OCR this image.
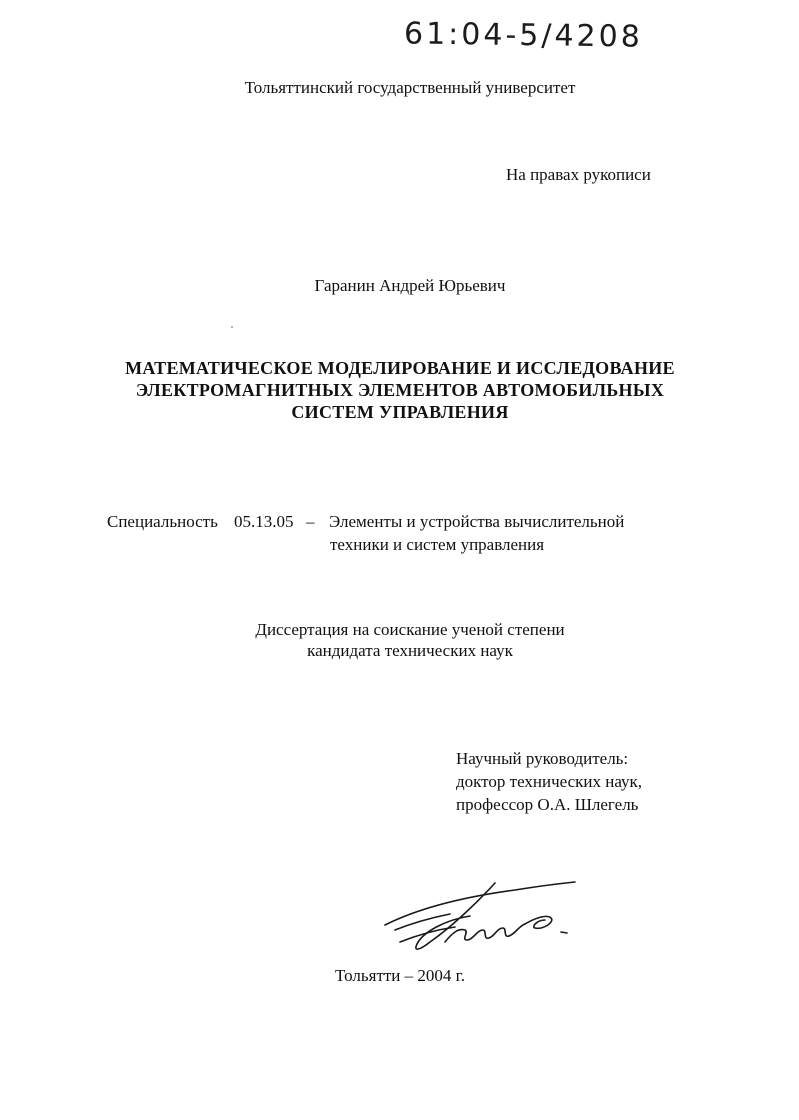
61:04-5/4208
Тольяттинский государственный университет
На правах рукописи
Гаранин Андрей Юрьевич
МАТЕМАТИЧЕСКОЕ МОДЕЛИРОВАНИЕ И ИССЛЕДОВАНИЕ
ЭЛЕКТРОМАГНИТНЫХ ЭЛЕМЕНТОВ АВТОМОБИЛЬНЫХ
СИСТЕМ УПРАВЛЕНИЯ
Специальность 05.13.05 – Элементы и устройства вычислительной
техники и систем управления
Диссертация на соискание ученой степени
кандидата технических наук
Научный руководитель:
доктор технических наук,
профессор О.А. Шлегель
Тольятти – 2004 г.
